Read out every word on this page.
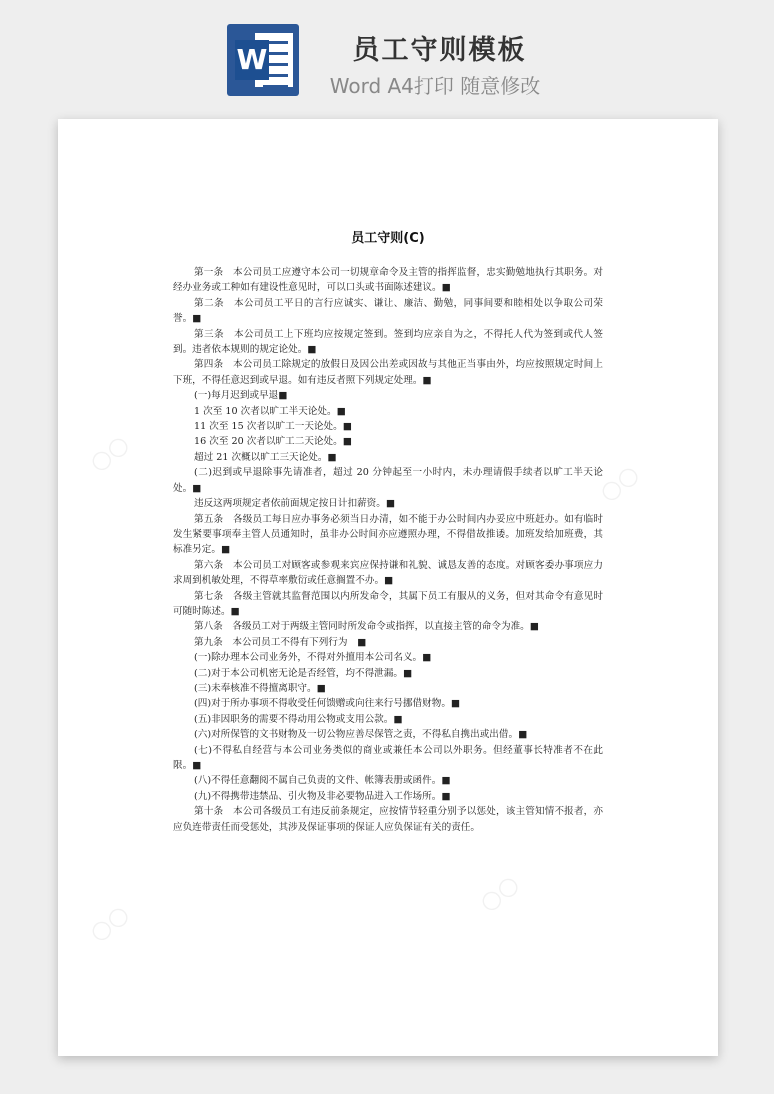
W	员工守则模板
Word A4打印 随意修改
员工守则(C)

第一条　本公司员工应遵守本公司一切规章命令及主管的指挥监督，忠实勤勉地执行其职务。对经办业务或工种如有建设性意见时，可以口头或书面陈述建议。■

第二条　本公司员工平日的言行应诚实、谦让、廉洁、勤勉，同事间要和睦相处以争取公司荣誉。■

第三条　本公司员工上下班均应按规定签到。签到均应亲自为之，不得托人代为签到或代人签到。违者依本规则的规定论处。■

第四条　本公司员工除规定的放假日及因公出差或因故与其他正当事由外，均应按照规定时间上下班，不得任意迟到或早退。如有违反者照下列规定处理。■

(一)每月迟到或早退■

1 次至 10 次者以旷工半天论处。■

11 次至 15 次者以旷工一天论处。■

16 次至 20 次者以旷工二天论处。■

超过 21 次概以旷工三天论处。■

(二)迟到或早退除事先请准者，超过 20 分钟起至一小时内，未办理请假手续者以旷工半天论处。■

违反这两项规定者依前面规定按日计扣薪资。■

第五条　各级员工每日应办事务必须当日办清，如不能于办公时间内办妥应中班赶办。如有临时发生紧要事项奉主管人员通知时，虽非办公时间亦应遵照办理，不得借故推诿。加班发给加班费，其标准另定。■

第六条　本公司员工对顾客或参观来宾应保持谦和礼貌、诚恳友善的态度。对顾客委办事项应力求周到机敏处理，不得草率敷衍或任意搁置不办。■

第七条　各级主管就其监督范围以内所发命令，其属下员工有服从的义务，但对其命令有意见时可随时陈述。■

第八条　各级员工对于两级主管同时所发命令或指挥，以直接主管的命令为准。■

第九条　本公司员工不得有下列行为　■

(一)除办理本公司业务外，不得对外擅用本公司名义。■

(二)对于本公司机密无论是否经管，均不得泄漏。■

(三)未奉核准不得擅离职守。■

(四)对于所办事项不得收受任何馈赠或向往来行号挪借财物。■

(五)非因职务的需要不得动用公物或支用公款。■

(六)对所保管的文书财物及一切公物应善尽保管之责，不得私自携出或出借。■

(七)不得私自经营与本公司业务类似的商业或兼任本公司以外职务。但经董事长特准者不在此限。■

(八)不得任意翻阅不属自己负责的文件、帐簿表册或函件。■

(九)不得携带违禁品、引火物及非必要物品进入工作场所。■

第十条　本公司各级员工有违反前条规定，应按情节轻重分别予以惩处，该主管知情不报者，亦应负连带责任而受惩处，其涉及保证事项的保证人应负保证有关的责任。

○○
○○
○○
○○
